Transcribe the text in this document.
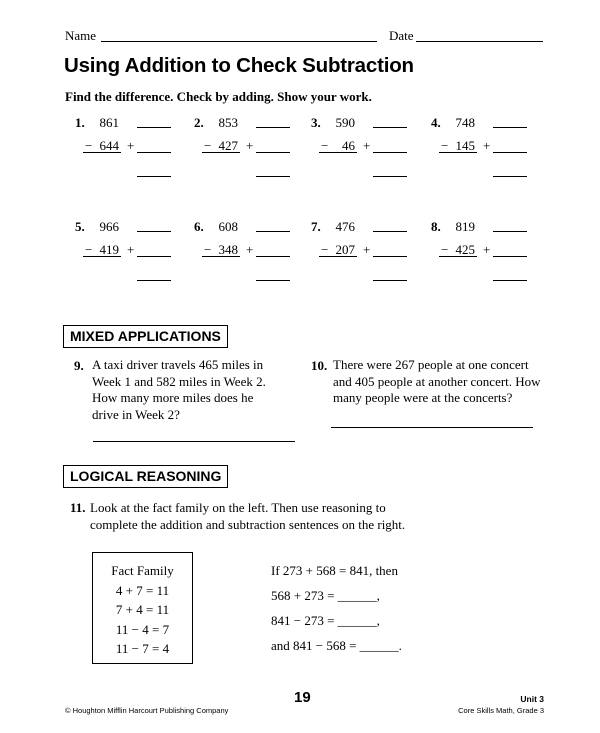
Name	Date
Using Addition to Check Subtraction
Find the difference. Check by adding. Show your work.
1.	861
− 644 +
2.	853
− 427 +
3.	590
−	46 +
4.	748
− 145 +
5.	966
− 419 +
6.	608
− 348 +
7.	476
− 207 +
8.	819
− 425 +
MIXED APPLICATIONS
9. A taxi driver travels 465 miles in
Week 1 and 582 miles in Week 2.
How many more miles does he
drive in Week 2?
10. There were 267 people at one concert
and 405 people at another concert. How
many people were at the concerts?
LOGICAL REASONING
11. Look at the fact family on the left. Then use reasoning to
complete the addition and subtraction sentences on the right.
Fact Family
4 + 7 = 11
7 + 4 = 11
11 − 4 = 7
11 − 7 = 4
If 273 + 568 = 841, then
568 + 273 = ______,
841 − 273 = ______,
and 841 − 568 = ______.
© Houghton Mifflin Harcourt Publishing Company
19	Unit 3
Core Skills Math, Grade 3
